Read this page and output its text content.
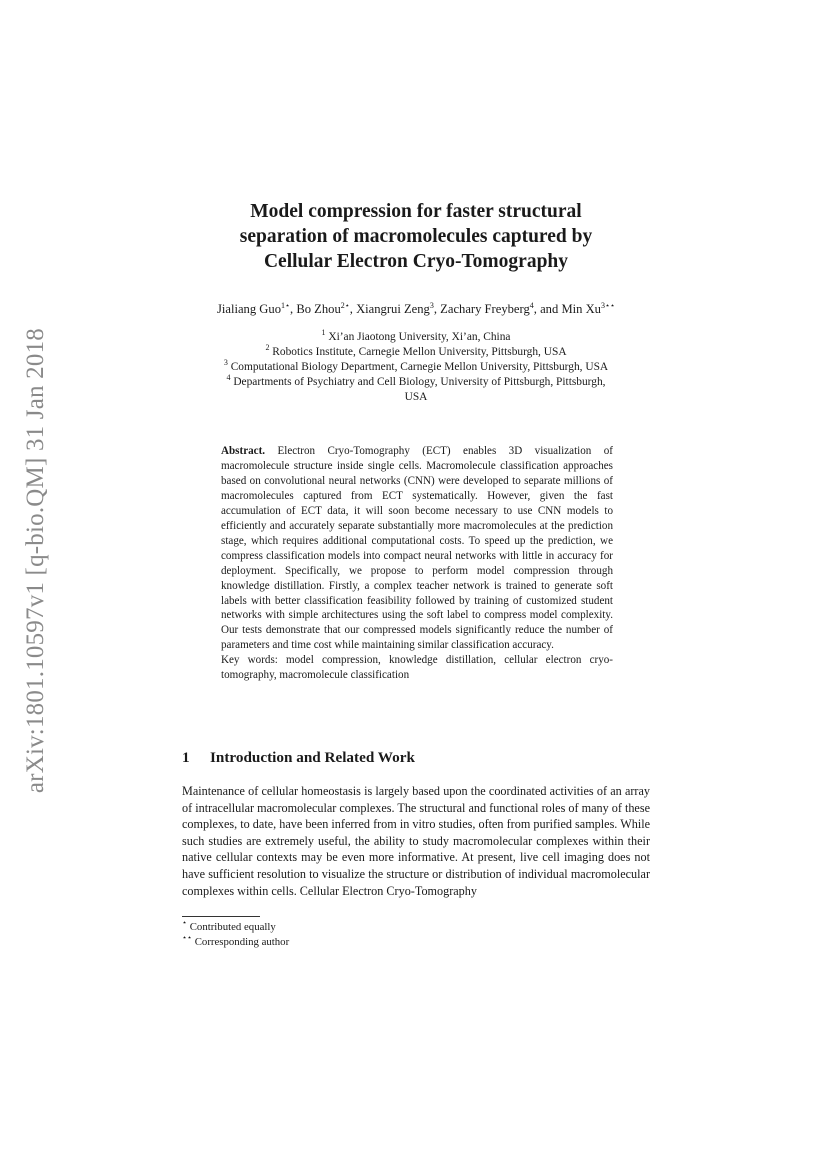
arXiv:1801.10597v1 [q-bio.QM] 31 Jan 2018
Model compression for faster structural
separation of macromolecules captured by
Cellular Electron Cryo-Tomography
Jialiang Guo$^{1⋆}$, Bo Zhou$^{2⋆}$, Xiangrui Zeng$^3$, Zachary Freyberg$^4$, and Min $Xu^{3⋆⋆}$
$^1$ Xi’an Jiaotong University, Xi’an, China
$^2$ Robotics Institute, Carnegie Mellon University, Pittsburgh, USA
$^3$ Computational Biology Department, Carnegie Mellon University, Pittsburgh, USA
$^4$ Departments of Psychiatry and Cell Biology, University of Pittsburgh, Pittsburgh,
USA
Abstract. Electron Cryo-Tomography (ECT) enables 3D visualization of macromolecule structure inside single cells. Macromolecule classification approaches based on convolutional neural networks (CNN) were developed to separate millions of macromolecules captured from ECT systematically. However, given the fast accumulation of ECT data, it will soon become necessary to use CNN models to efficiently and accurately separate substantially more macromolecules at the prediction stage, which requires additional computational costs. To speed up the prediction, we compress classification models into compact neural networks with little in accuracy for deployment. Specifically, we propose to perform model compression through knowledge distillation. Firstly, a complex teacher network is trained to generate soft labels with better classification feasibility followed by training of customized student networks with simple architectures using the soft label to compress model complexity. Our tests demonstrate that our compressed models significantly reduce the number of parameters and time cost while maintaining similar classification accuracy.
Key words: model compression, knowledge distillation, cellular electron cryo-tomography, macromolecule classification
1 Introduction and Related Work
Maintenance of cellular homeostasis is largely based upon the coordinated activities of an array of intracellular macromolecular complexes. The structural and functional roles of many of these complexes, to date, have been inferred from in vitro studies, often from purified samples. While such studies are extremely useful, the ability to study macromolecular complexes within their native cellular contexts may be even more informative. At present, live cell imaging does not have sufficient resolution to visualize the structure or distribution of individual macromolecular complexes within cells. Cellular Electron Cryo-Tomography
⋆ Contributed equally
⋆⋆ Corresponding author
